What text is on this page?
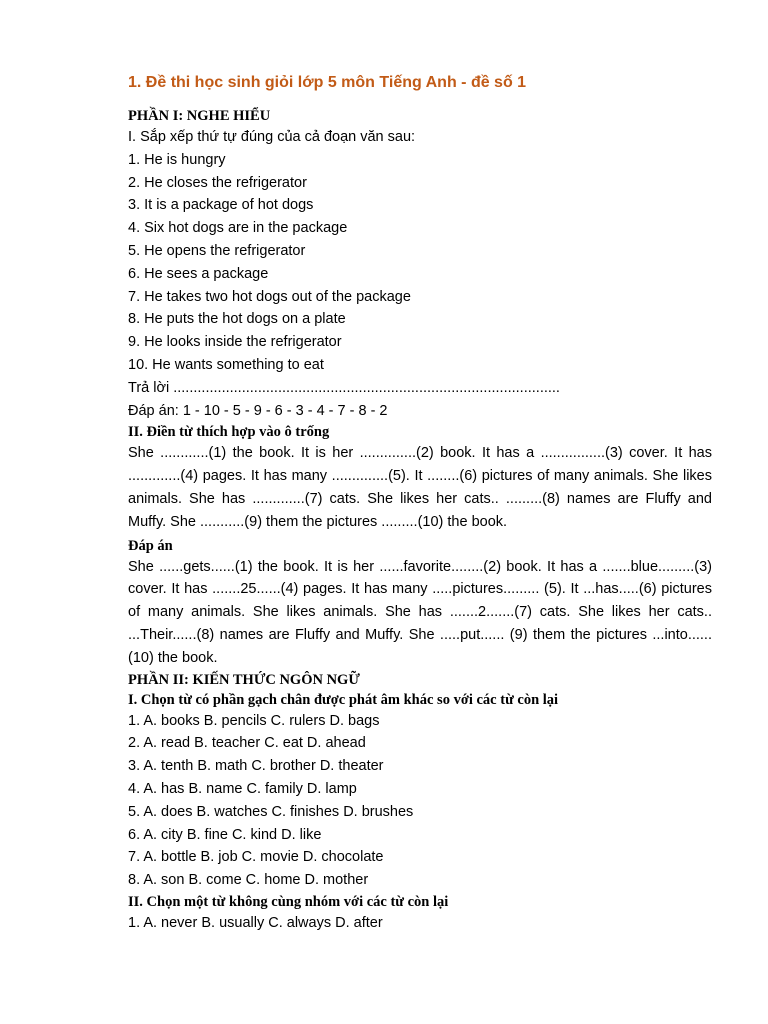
1. Đề thi học sinh giỏi lớp 5 môn Tiếng Anh - đề số 1
PHẦN I: NGHE HIỂU
I. Sắp xếp thứ tự đúng của cả đoạn văn sau:
1. He is hungry
2. He closes the refrigerator
3. It is a package of hot dogs
4. Six hot dogs are in the package
5. He opens the refrigerator
6. He sees a package
7. He takes two hot dogs out of the package
8. He puts the hot dogs on a plate
9. He looks inside the refrigerator
10. He wants something to eat
Trả lời ................................................................................................
Đáp án: 1 - 10 - 5 - 9 - 6 - 3 - 4 - 7 - 8 - 2
II. Điền từ thích hợp vào ô trống
She ............(1) the book. It is her ..............(2) book. It has a ................(3) cover. It has .............(4) pages. It has many ..............(5). It ........(6) pictures of many animals. She likes animals. She has .............(7) cats. She likes her cats.. .........(8) names are Fluffy and Muffy. She ...........(9) them the pictures .........(10) the book.
Đáp án
She ......gets......(1) the book. It is her ......favorite........(2) book. It has a .......blue.........(3) cover. It has .......25......(4) pages. It has many .....pictures......... (5). It ...has.....(6) pictures of many animals. She likes animals. She has .......2.......(7) cats. She likes her cats.. ...Their......(8) names are Fluffy and Muffy. She .....put...... (9) them the pictures ...into......(10) the book.
PHẦN II: KIẾN THỨC NGÔN NGỮ
I. Chọn từ có phần gạch chân được phát âm khác so với các từ còn lại
1. A. books B. pencils C. rulers D. bags
2. A. read B. teacher C. eat D. ahead
3. A. tenth B. math C. brother D. theater
4. A. has B. name C. family D. lamp
5. A. does B. watches C. finishes D. brushes
6. A. city B. fine C. kind D. like
7. A. bottle B. job C. movie D. chocolate
8. A. son B. come C. home D. mother
II. Chọn một từ không cùng nhóm với các từ còn lại
1. A. never B. usually C. always D. after
